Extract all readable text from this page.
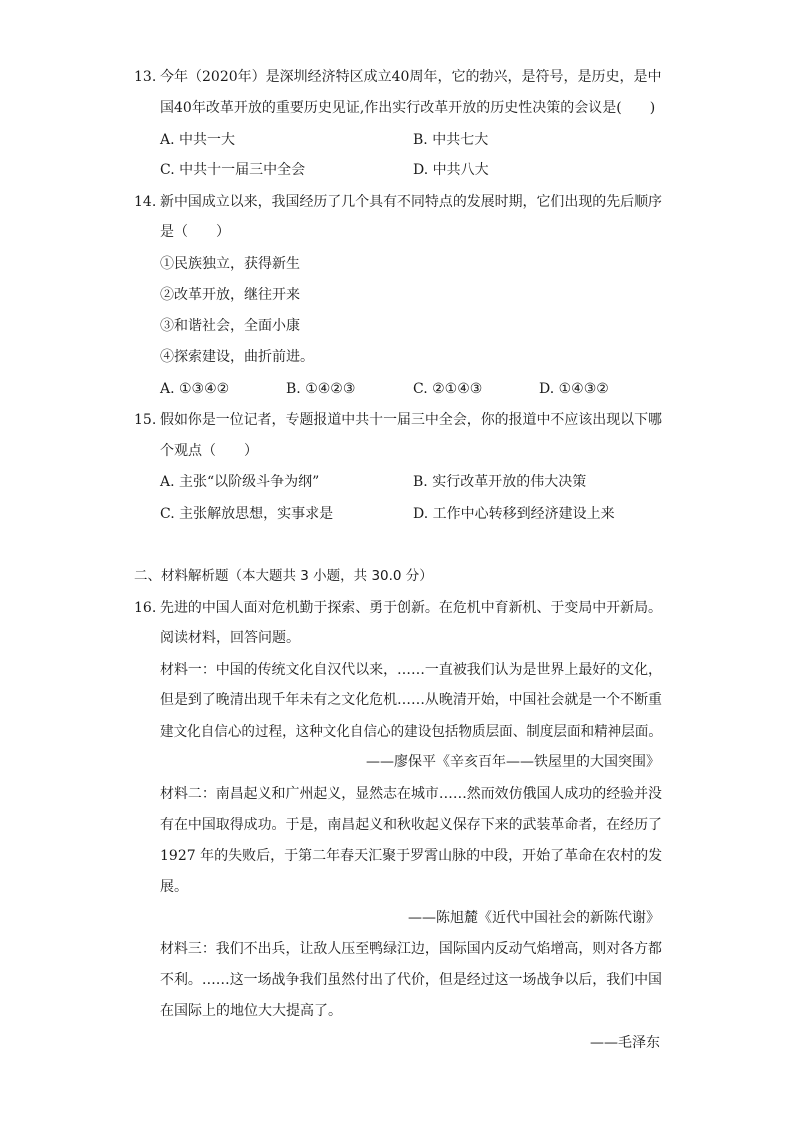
13. 今年（2020年）是深圳经济特区成立40周年，它的勃兴，是符号，是历史，是中
国40年改革开放的重要历史见证,作出实行改革开放的历史性决策的会议是(　　)
A. 中共一大	B. 中共七大
C. 中共十一届三中全会	D. 中共八大
14. 新中国成立以来，我国经历了几个具有不同特点的发展时期，它们出现的先后顺序
是（　　）
①民族独立，获得新生
②改革开放，继往开来
③和谐社会，全面小康
④探索建设，曲折前进。
A. ①③④②	B. ①④②③	C. ②①④③	D. ①④③②
15. 假如你是一位记者，专题报道中共十一届三中全会，你的报道中不应该出现以下哪
个观点（　　）
A. 主张“以阶级斗争为纲”	B. 实行改革开放的伟大决策
C. 主张解放思想，实事求是	D. 工作中心转移到经济建设上来
二、材料解析题（本大题共 3 小题，共 30.0 分）
16. 先进的中国人面对危机勤于探索、勇于创新。在危机中育新机、于变局中开新局。
阅读材料，回答问题。
材料一：中国的传统文化自汉代以来，……一直被我们认为是世界上最好的文化，
但是到了晚清出现千年未有之文化危机……从晚清开始，中国社会就是一个不断重
建文化自信心的过程，这种文化自信心的建设包括物质层面、制度层面和精神层面。
——廖保平《辛亥百年——铁屋里的大国突围》
材料二：南昌起义和广州起义，显然志在城市……然而效仿俄国人成功的经验并没
有在中国取得成功。于是，南昌起义和秋收起义保存下来的武装革命者，在经历了
1927 年的失败后，于第二年春天汇聚于罗霄山脉的中段，开始了革命在农村的发
展。
——陈旭麓《近代中国社会的新陈代谢》
材料三：我们不出兵，让敌人压至鸭绿江边，国际国内反动气焰增高，则对各方都
不利。……这一场战争我们虽然付出了代价，但是经过这一场战争以后，我们中国
在国际上的地位大大提高了。
——毛泽东
